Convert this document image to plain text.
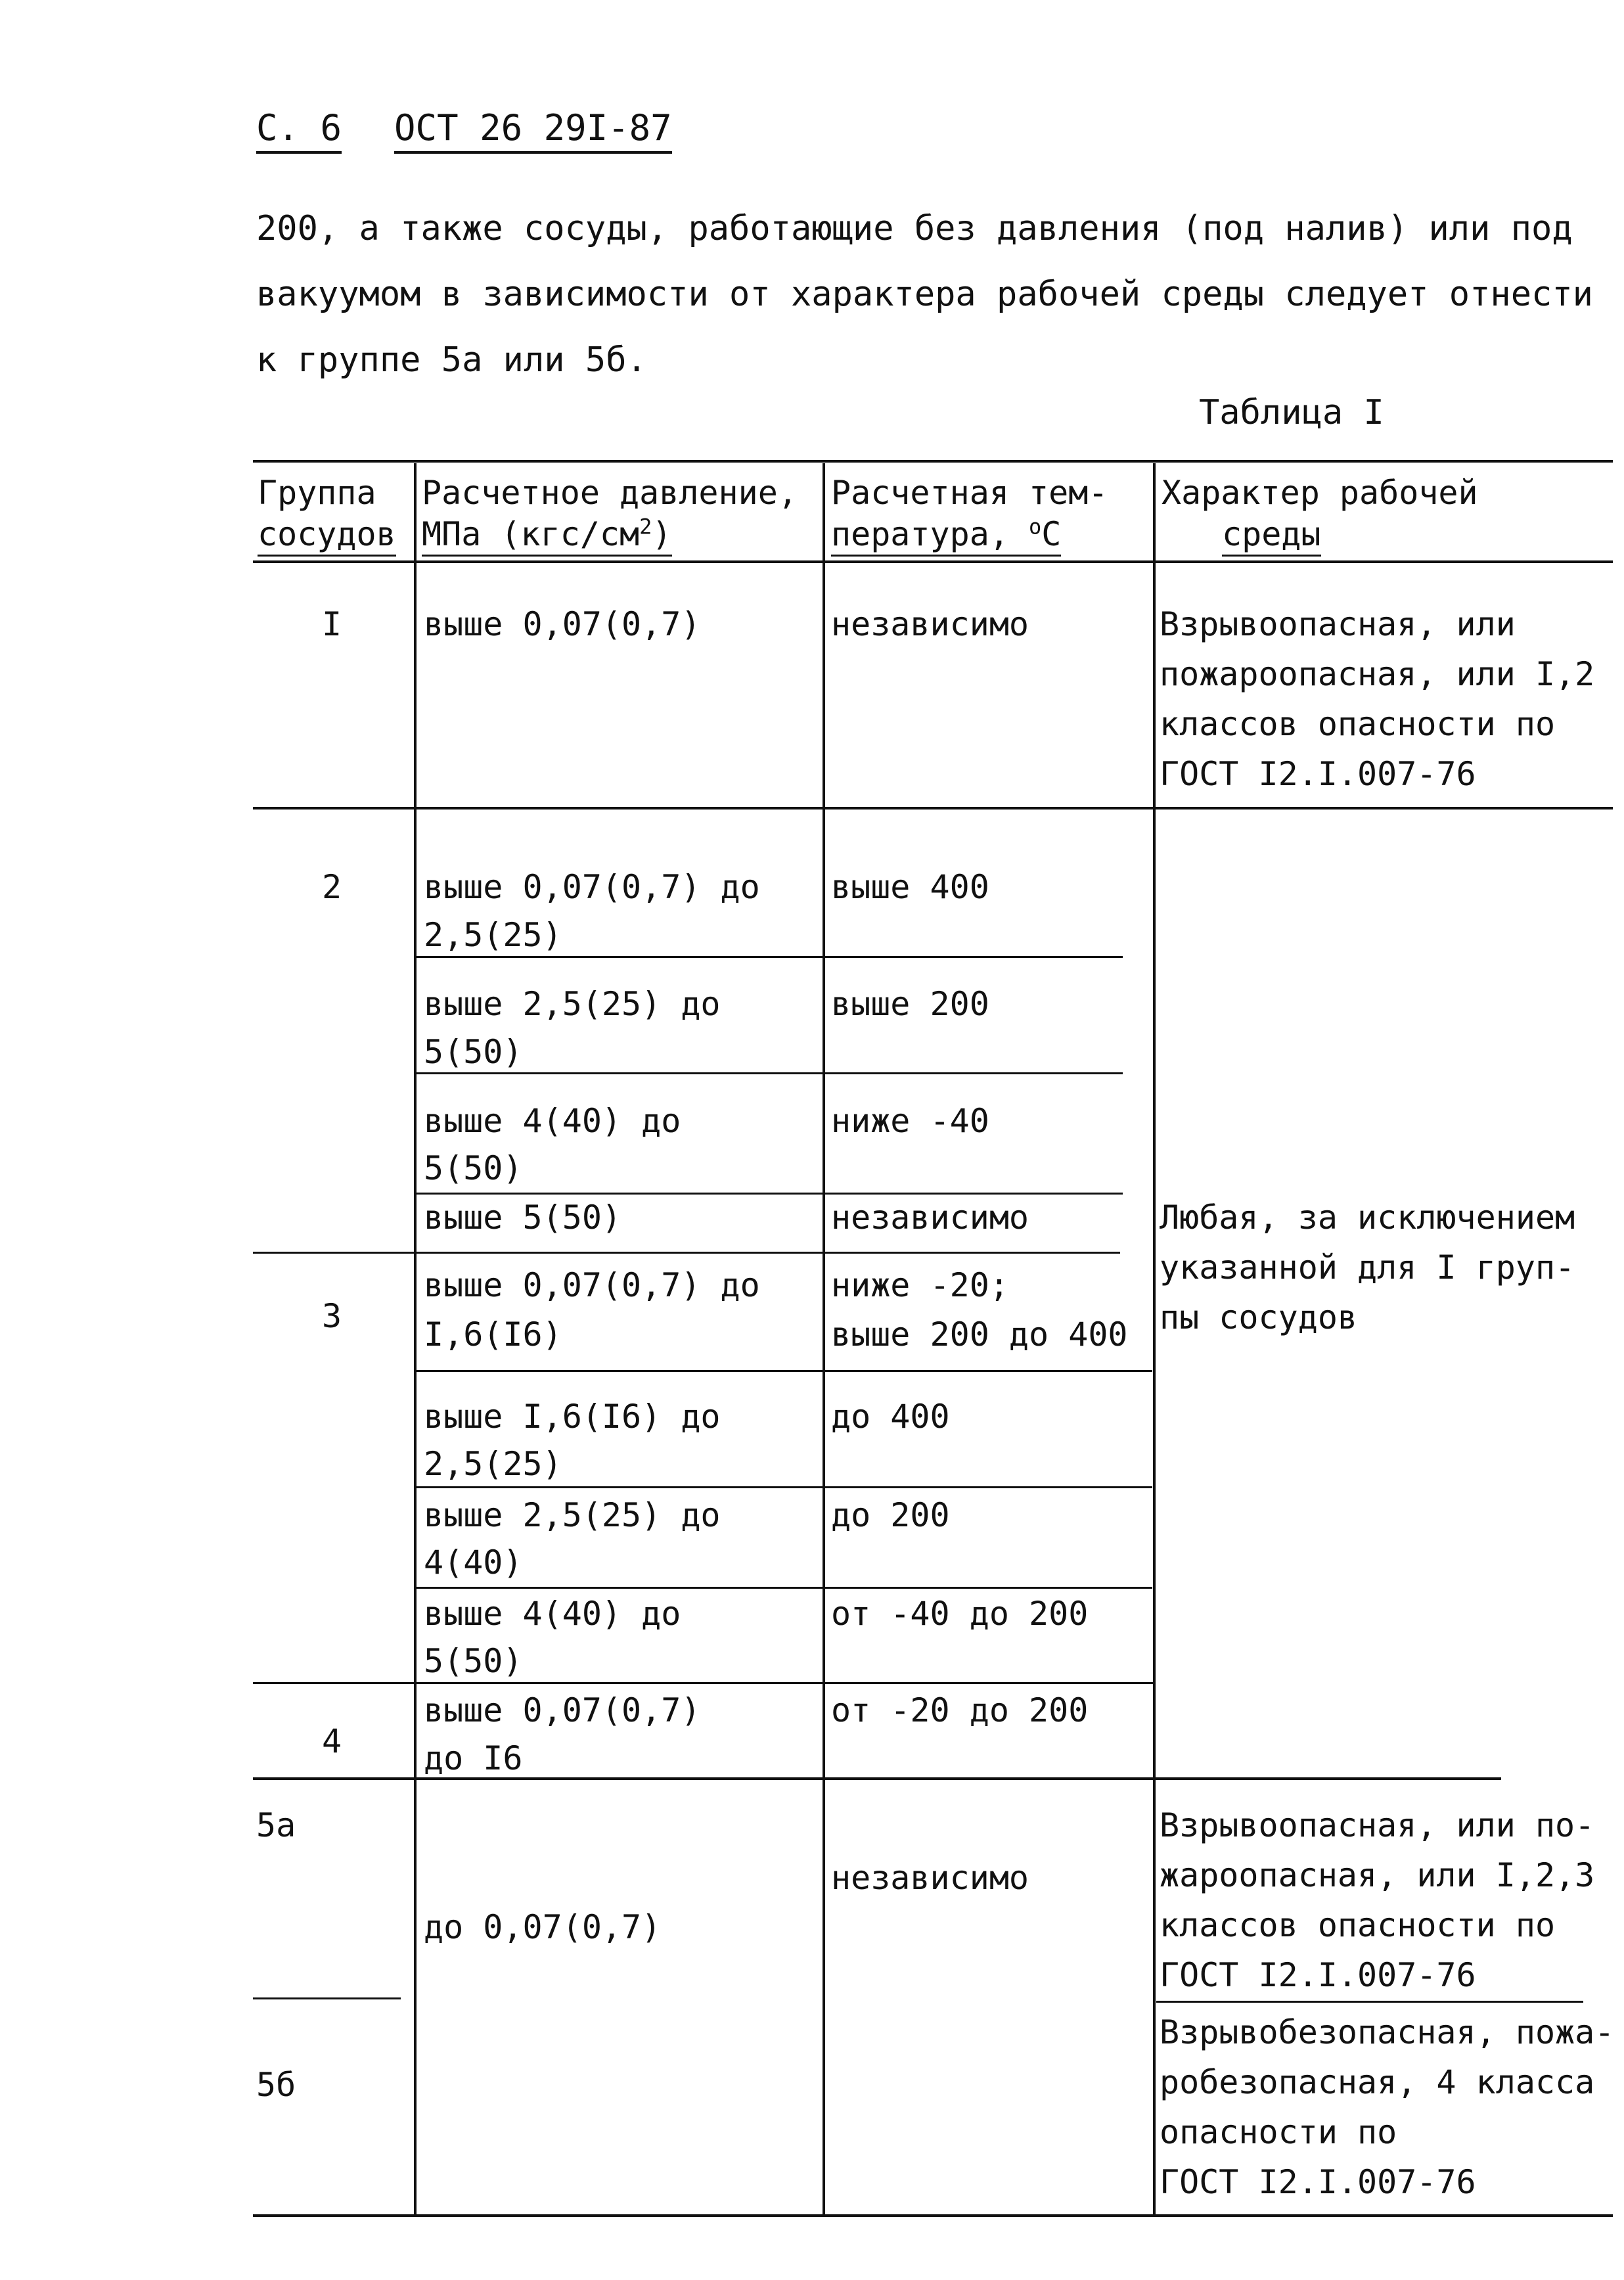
С. 6 ОСТ 26 29I-87
200, а также сосуды, работающие без давления (под налив) или под
вакуумом в зависимости от характера рабочей среды следует отнести
к группе 5а или 5б.
Таблица I
Группа
сосудов
Расчетное давление,
МПа $(кгс/см^2)$
Расчетная тем-
пература, $^о$С
Характер рабочей
среды
I
2
3
4
5а
5б
выше 0,07(0,7)
выше 0,07(0,7) до
2,5(25)
выше 2,5(25) до
5(50)
выше 4(40) до
5(50)
выше 5(50)
выше 0,07(0,7) до
I,6(I6)
выше I,6(I6) до
2,5(25)
выше 2,5(25) до
4(40)
выше 4(40) до
5(50)
выше 0,07(0,7)
до I6
до 0,07(0,7)
независимо
выше 400
выше 200
ниже -40
независимо
ниже -20;
выше 200 до 400
до 400
до 200
от -40 до 200
от -20 до 200
независимо
Взрывоопасная, или
пожароопасная, или I,2
классов опасности по
ГОСТ I2.I.007-76
Любая, за исключением
указанной для I груп-
пы сосудов
Взрывоопасная, или по-
жароопасная, или I,2,3
классов опасности по
ГОСТ I2.I.007-76
Взрывобезопасная, пожа-
робезопасная, 4 класса
опасности по
ГОСТ I2.I.007-76
